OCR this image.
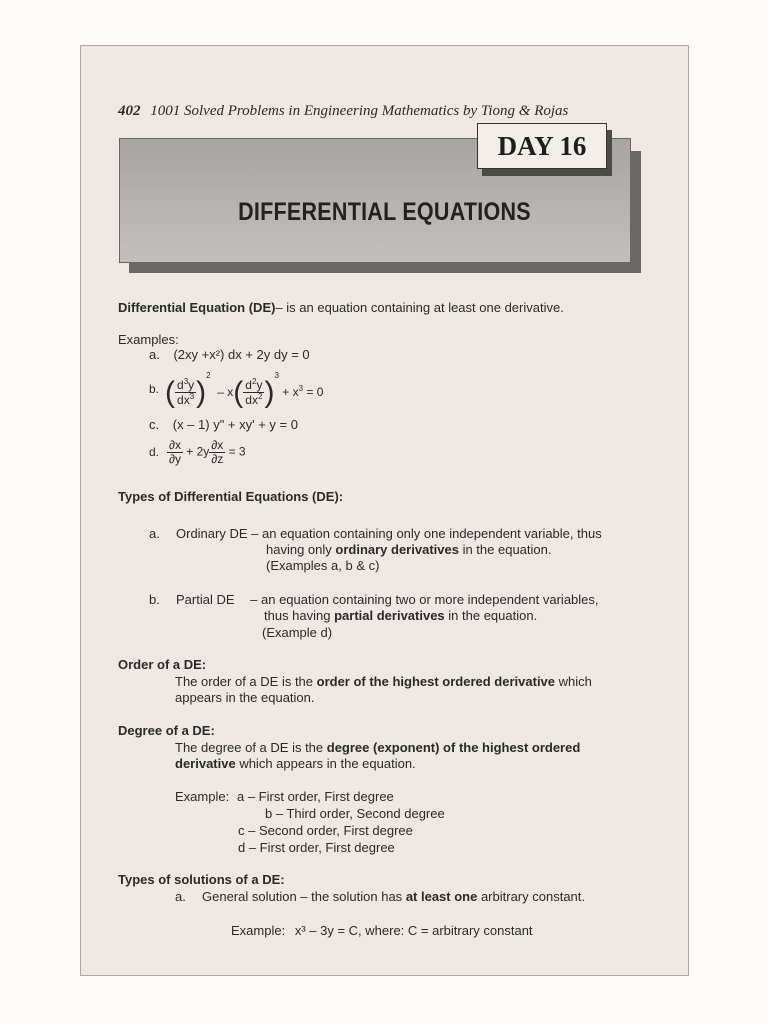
402 1001 Solved Problems in Engineering Mathematics by Tiong & Rojas
DIFFERENTIAL EQUATIONS
DAY 16
Differential Equation (DE)– is an equation containing at least one derivative.
Examples:
a. (2xy +x²) dx + 2y dy = 0
b. ( $\frac{d^3y}{dx^3} )^2 - x( \frac{d^2y}{dx^2} )^3 + x^3 = 0$
c. (x – 1) y" + xy' + y = 0
d. $\frac{\partial x}{\partial y} + 2y \frac{\partial x}{\partial z} = 3$
Types of Differential Equations (DE):
a. Ordinary DE – an equation containing only one independent variable, thus
having only ordinary derivatives in the equation.
(Examples a, b & c)
b. Partial DE – an equation containing two or more independent variables,
thus having partial derivatives in the equation.
(Example d)
Order of a DE:
The order of a DE is the order of the highest ordered derivative which
appears in the equation.
Degree of a DE:
The degree of a DE is the degree (exponent) of the highest ordered
derivative which appears in the equation.
Example: a – First order, First degree
b – Third order, Second degree
c – Second order, First degree
d – First order, First degree
Types of solutions of a DE:
a. General solution – the solution has at least one arbitrary constant.
Example: x³ – 3y = C, where: C = arbitrary constant
